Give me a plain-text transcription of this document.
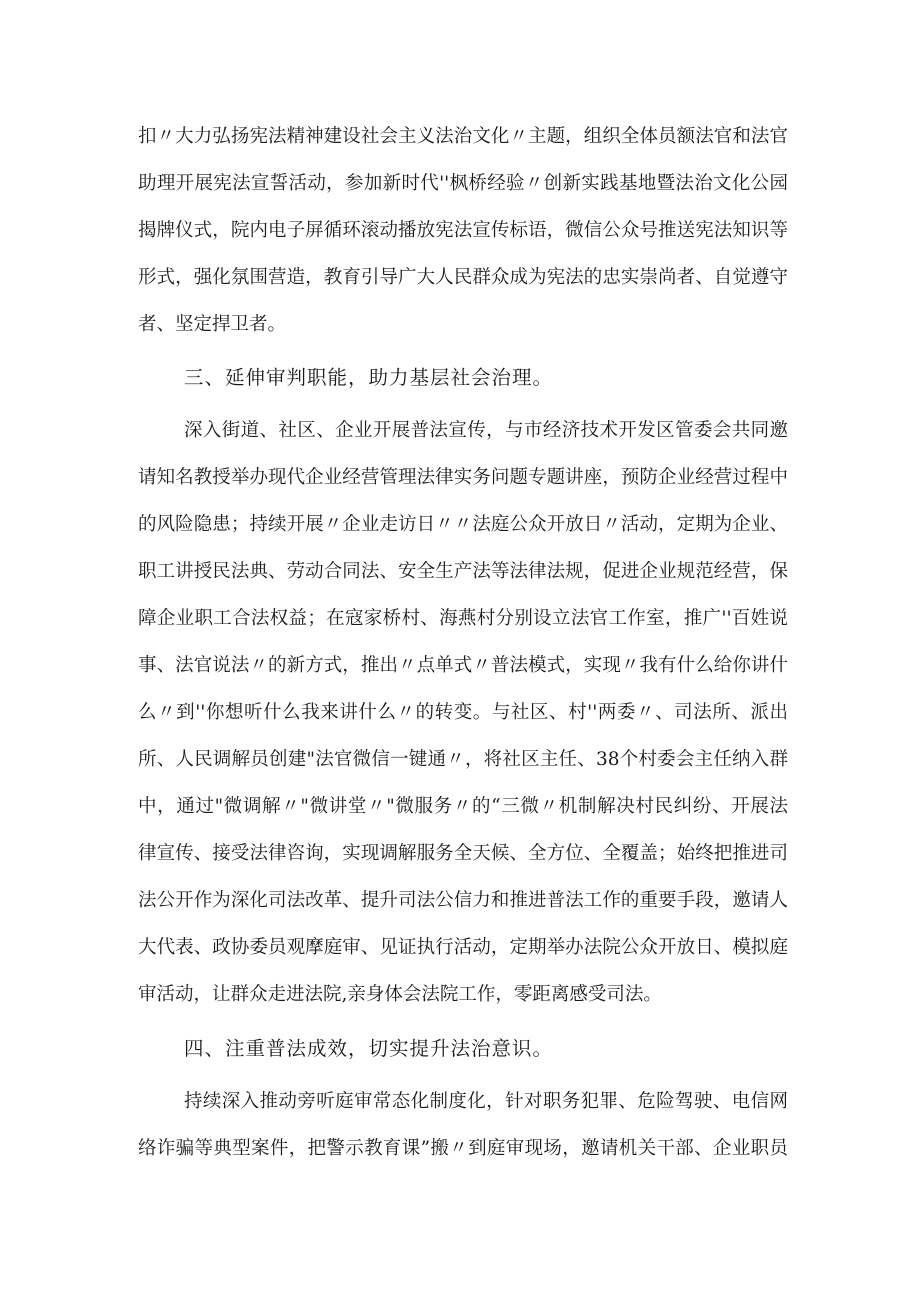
扣〃大力弘扬宪法精神建设社会主义法治文化〃主题，组织全体员额法官和法官
助理开展宪法宣誓活动，参加新时代''枫桥经验〃创新实践基地暨法治文化公园
揭牌仪式，院内电子屏循环滚动播放宪法宣传标语，微信公众号推送宪法知识等
形式，强化氛围营造，教育引导广大人民群众成为宪法的忠实崇尚者、自觉遵守
者、坚定捍卫者。
三、延伸审判职能，助力基层社会治理。
深入街道、社区、企业开展普法宣传，与市经济技术开发区管委会共同邀
请知名教授举办现代企业经营管理法律实务问题专题讲座，预防企业经营过程中
的风险隐患；持续开展〃企业走访日〃〃法庭公众开放日〃活动，定期为企业、
职工讲授民法典、劳动合同法、安全生产法等法律法规，促进企业规范经营，保
障企业职工合法权益；在寇家桥村、海燕村分别设立法官工作室，推广''百姓说
事、法官说法〃的新方式，推出〃点单式〃普法模式，实现〃我有什么给你讲什
么〃到''你想听什么我来讲什么〃的转变。与社区、村''两委〃、司法所、派出
所、人民调解员创建"法官微信一键通〃，将社区主任、38个村委会主任纳入群
中，通过"微调解〃"微讲堂〃"微服务〃的“三微〃机制解决村民纠纷、开展法
律宣传、接受法律咨询，实现调解服务全天候、全方位、全覆盖；始终把推进司
法公开作为深化司法改革、提升司法公信力和推进普法工作的重要手段，邀请人
大代表、政协委员观摩庭审、见证执行活动，定期举办法院公众开放日、模拟庭
审活动，让群众走进法院,亲身体会法院工作，零距离感受司法。
四、注重普法成效，切实提升法治意识。
持续深入推动旁听庭审常态化制度化，针对职务犯罪、危险驾驶、电信网
络诈骗等典型案件，把警示教育课”搬〃到庭审现场，邀请机关干部、企业职员
